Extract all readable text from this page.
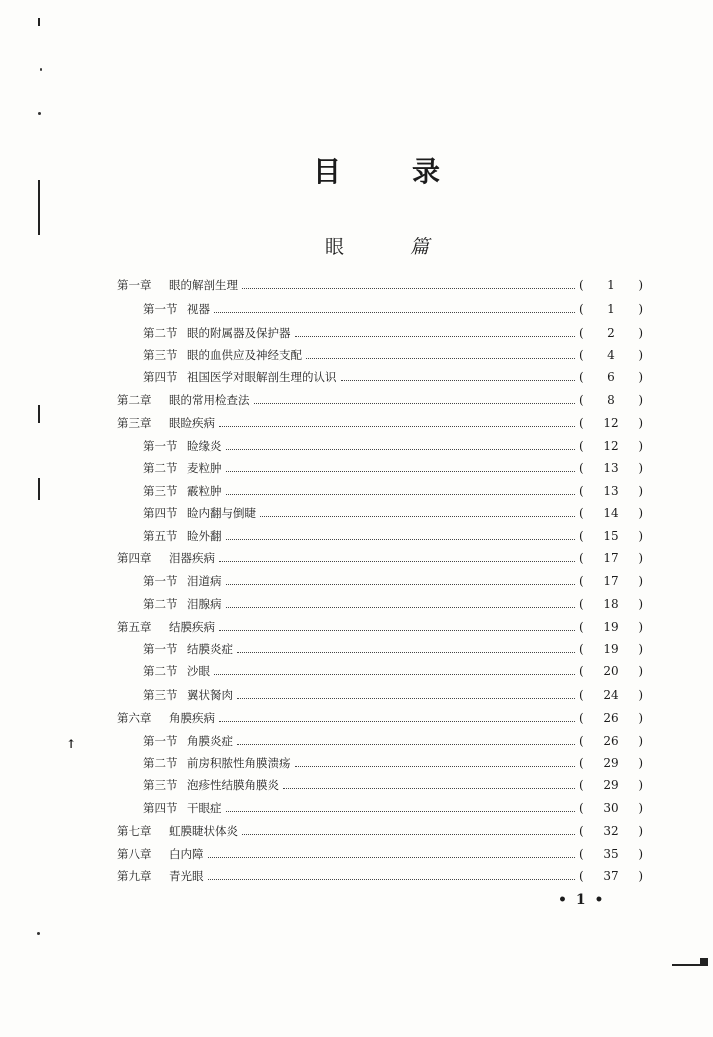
目	录
眼	篇
第一章	眼的解剖生理	(	1	)
第一节 视器	(	1	)
第二节 眼的附属器及保护器	(	2	)
第三节 眼的血供应及神经支配	(	4	)
第四节 祖国医学对眼解剖生理的认识	(	6	)
第二章	眼的常用检查法	(	8	)
第三章	眼睑疾病	(	12	)
第一节 睑缘炎	(	12	)
第二节 麦粒肿	(	13	)
第三节 霰粒肿	(	13	)
第四节 睑内翻与倒睫	(	14	)
第五节 睑外翻	(	15	)
第四章	泪器疾病	(	17	)
第一节 泪道病	(	17	)
第二节 泪腺病	(	18	)
第五章	结膜疾病	(	19	)
第一节 结膜炎症	(	19	)
第二节 沙眼	(	20	)
第三节 翼状胬肉	(	24	)
第六章	角膜疾病	(	26	)
第一节 角膜炎症	(	26	)
第二节 前房积脓性角膜溃疡	(	29	)
第三节 泡疹性结膜角膜炎	(	29	)
第四节 干眼症	(	30	)
第七章	虹膜睫状体炎	(	32	)
第八章	白内障	(	35	)
第九章	青光眼	(	37	)
• 1 •
↑
